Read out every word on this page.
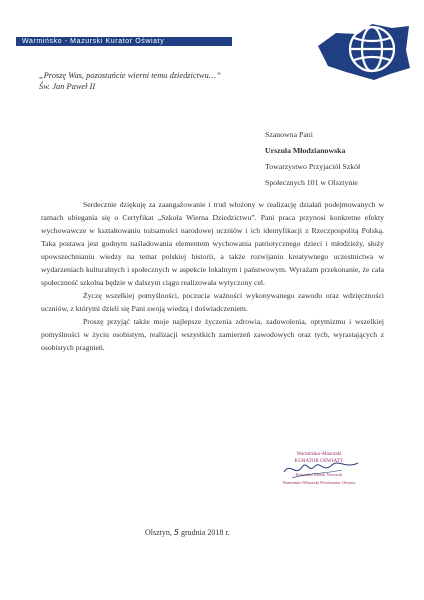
Warmińsko - Mazurski Kurator Oświaty
„Proszę Was, pozostańcie wierni temu dziedzictwu…”
Św. Jan Paweł II
Szanowna Pani
Urszula Młodzianowska
Towarzystwo Przyjaciół Szkół
Społecznych 101 w Olsztynie

Serdecznie dziękuję za zaangażowanie i trud włożony w realizację działań podejmowanych w ramach ubiegania się o Certyfikat „Szkoła Wierna Dziedzictwu”. Pani praca przynosi konkretne efekty wychowawcze w kształtowaniu tożsamości narodowej uczniów i ich identyfikacji z Rzeczpospolitą Polską. Taka postawa jest godnym naśladowania elementem wychowania patriotycznego dzieci i młodzieży, służy upowszechnianiu wiedzy na temat polskiej historii, a także rozwijaniu kreatywnego uczestnictwa w wydarzeniach kulturalnych i społecznych w aspekcie lokalnym i państwowym. Wyrażam przekonanie, że cała społeczność szkolna będzie w dalszym ciągu realizowała wytyczony cel.

Życzę wszelkiej pomyślności, poczucia ważności wykonywanego zawodu oraz wdzięczności uczniów, z którymi dzieli się Pani swoją wiedzą i doświadczeniem.

Proszę przyjąć także moje najlepsze życzenia zdrowia, zadowolenia, optymizmu i wszelkiej pomyślności w życiu osobistym, realizacji wszystkich zamierzeń zawodowych oraz tych, wyrastających z osobistych pragnień.

Warmińsko-Mazurski
KURATOR OŚWIATY
Krzysztof Marek Nowacki
Warmińsko-Mazurski Wicekurator Oświaty
Olsztyn, 5 grudnia 2018 r.
